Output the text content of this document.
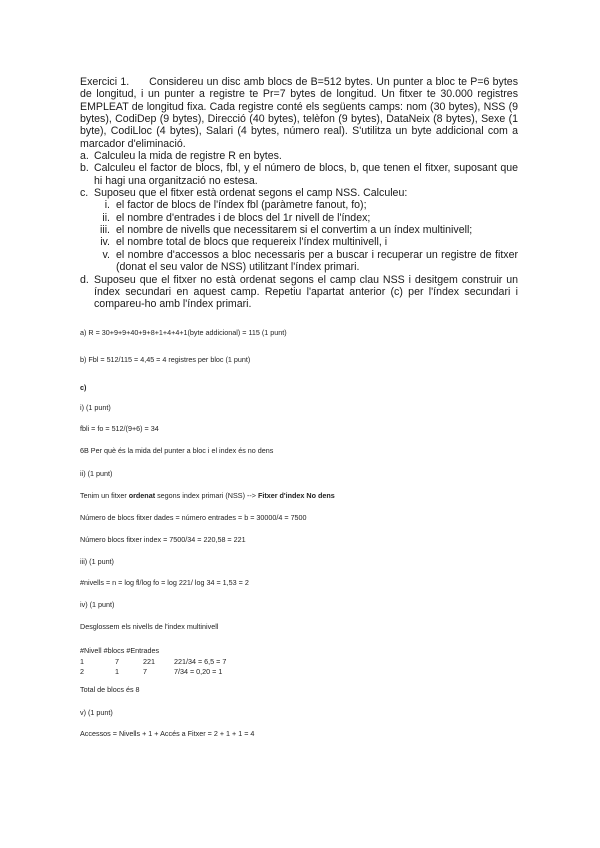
Exercici 1. Considereu un disc amb blocs de B=512 bytes. Un punter a bloc te P=6 bytes de longitud, i un punter a registre te Pr=7 bytes de longitud. Un fitxer te 30.000 registres EMPLEAT de longitud fixa. Cada registre conté els següents camps: nom (30 bytes), NSS (9 bytes), CodiDep (9 bytes), Direcció (40 bytes), telèfon (9 bytes), DataNeix (8 bytes), Sexe (1 byte), CodiLloc (4 bytes), Salari (4 bytes, número real). S'utilitza un byte addicional com a marcador d'eliminació.

a. Calculeu la mida de registre R en bytes.
b. Calculeu el factor de blocs, fbl, y el número de blocs, b, que tenen el fitxer, suposant que hi hagi una organització no estesa.
c. Suposeu que el fitxer està ordenat segons el camp NSS. Calculeu:
i. el factor de blocs de l'índex fbl (paràmetre fanout, fo);
ii. el nombre d'entrades i de blocs del 1r nivell de l'índex;
iii. el nombre de nivells que necessitarem si el convertim a un índex multinivell;
iv. el nombre total de blocs que requereix l'índex multinivell, i
v. el nombre d'accessos a bloc necessaris per a buscar i recuperar un registre de fitxer (donat el seu valor de NSS) utilitzant l'índex primari.
d. Suposeu que el fitxer no està ordenat segons el camp clau NSS i desitgem construir un índex secundari en aquest camp. Repetiu l'apartat anterior (c) per l'índex secundari i compareu-ho amb l'índex primari.
a) R = 30+9+9+40+9+8+1+4+4+1(byte addicional) = 115 (1 punt)
b) Fbl = 512/115 = 4,45 = 4 registres per bloc (1 punt)
c)
i) (1 punt)
fbli = fo = 512/(9+6) = 34
6B Per què és la mida del punter a bloc i el index és no dens
ii) (1 punt)
Tenim un fitxer ordenat segons index primari (NSS) --> Fitxer d'index No dens
Número de blocs fitxer dades = número entrades = b = 30000/4 = 7500
Número blocs fitxer index = 7500/34 = 220,58 = 221
iii) (1 punt)
#nivells = n = log fl/log fo = log 221/ log 34 = 1,53 = 2
iv) (1 punt)
Desglossem els nivells de l'index multinivell
#Nivell #blocs #Entrades
1	7	221	221/34 = 6,5 = 7
2	1	7	7/34 = 0,20 = 1
Total de blocs és 8
v) (1 punt)
Accessos = Nivells + 1 + Accés a Fitxer = 2 + 1 + 1 = 4
